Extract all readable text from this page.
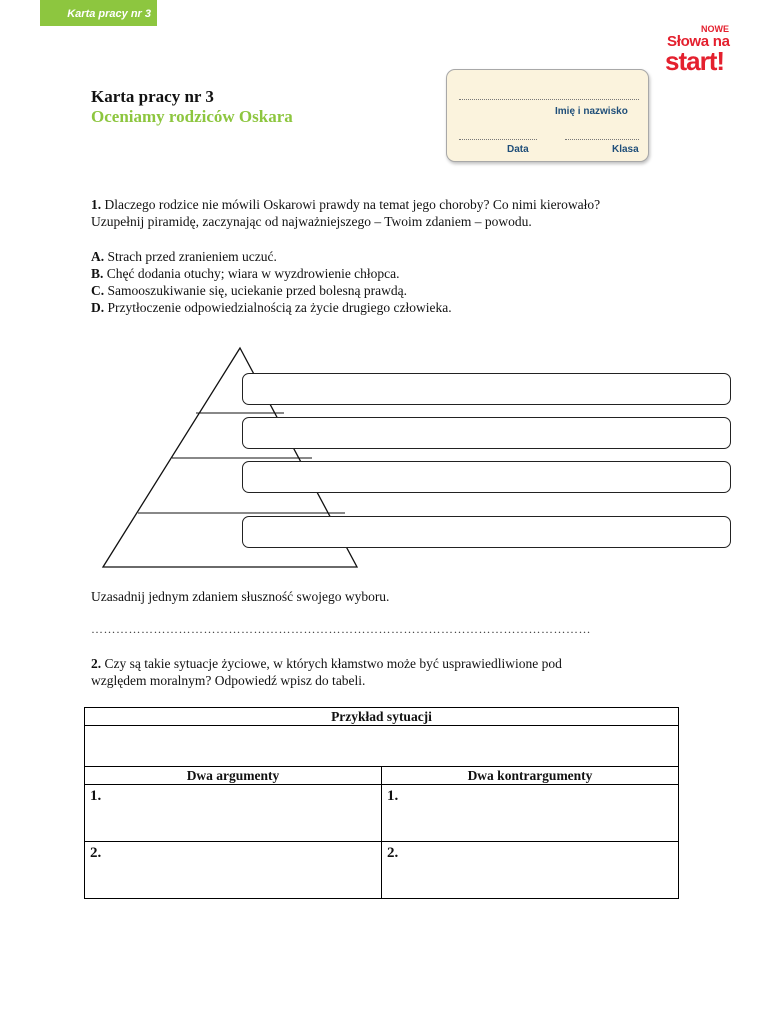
Karta pracy nr 3
NOWE
Słowa na
start!
Karta pracy nr 3
Oceniamy rodziców Oskara	Imię i nazwisko
Data	Klasa
1. Dlaczego rodzice nie mówili Oskarowi prawdy na temat jego choroby? Co nimi kierowało?
Uzupełnij piramidę, zaczynając od najważniejszego – Twoim zdaniem – powodu.
A. Strach przed zranieniem uczuć.
B. Chęć dodania otuchy; wiara w wyzdrowienie chłopca.
C. Samooszukiwanie się, uciekanie przed bolesną prawdą.
D. Przytłoczenie odpowiedzialnością za życie drugiego człowieka.
Uzasadnij jednym zdaniem słuszność swojego wyboru.
…………………………………………………………………………………………………………
2. Czy są takie sytuacje życiowe, w których kłamstwo może być usprawiedliwione pod
względem moralnym? Odpowiedź wpisz do tabeli.
Przykład sytuacji	

Dwa argumenty	Dwa kontrargumenty
1.	1.
2.	2.
